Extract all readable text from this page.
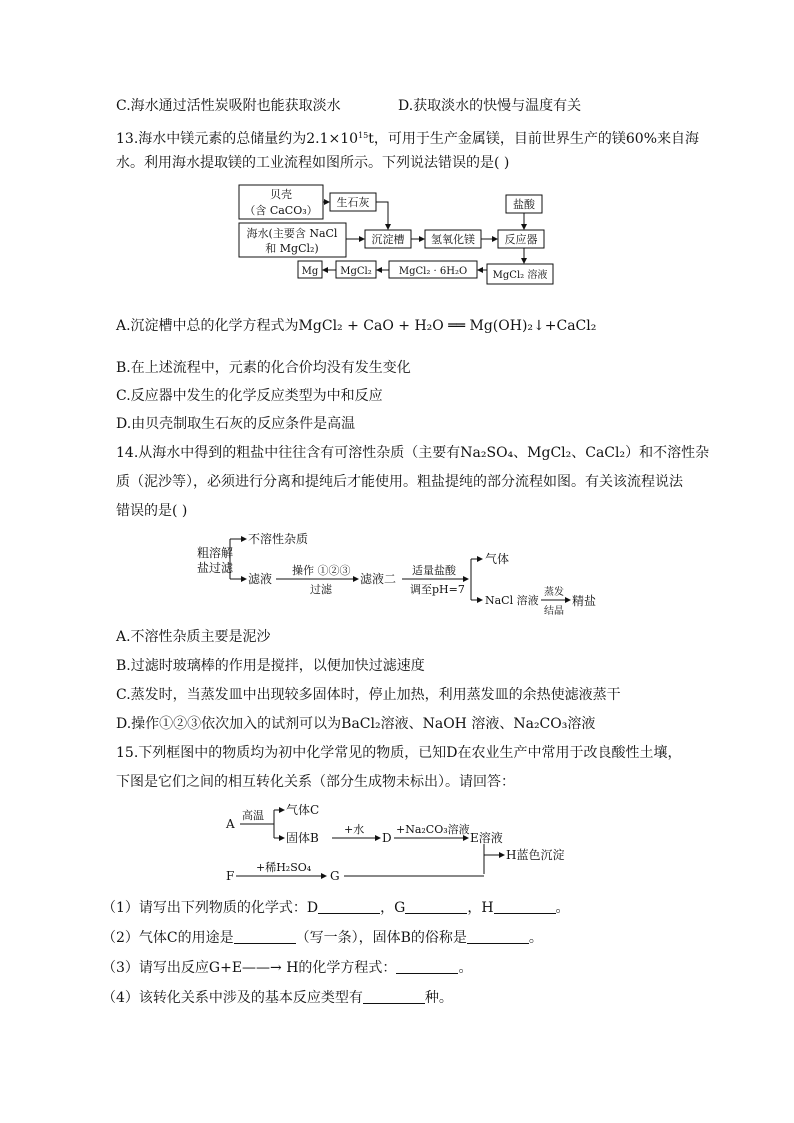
C.海水通过活性炭吸附也能获取淡水	D.获取淡水的快慢与温度有关
13.海水中镁元素的总储量约为$2.1\times 10^{15}t$，可用于生产金属镁，目前世界生产的镁60%来自海
水。利用海水提取镁的工业流程如图所示。下列说法错误的是( )
贝壳
（含 CaCO₃）
生石灰	盐酸
海水(主要含 NaCl
和 MgCl₂)
沉淀槽 氢氧化镁	反应器
Mg MgCl₂	MgCl₂ · 6H₂O	MgCl₂ 溶液
A.沉淀槽中总的化学方程式为MgCl₂ + CaO + H₂O ══ Mg(OH)₂↓+CaCl₂
B.在上述流程中，元素的化合价均没有发生变化
C.反应器中发生的化学反应类型为中和反应
D.由贝壳制取生石灰的反应条件是高温
14.从海水中得到的粗盐中往往含有可溶性杂质（主要有Na₂SO₄、MgCl₂、CaCl₂）和不溶性杂
质（泥沙等），必须进行分离和提纯后才能使用。粗盐提纯的部分流程如图。有关该流程说法
错误的是( )
粗溶解
盐过滤
不溶性杂质
滤液
操作 ①②③
过滤
滤液二
适量盐酸
调至pH=7
气体
NaCl 溶液
蒸发
结晶
精盐
A.不溶性杂质主要是泥沙
B.过滤时玻璃棒的作用是搅拌，以便加快过滤速度
C.蒸发时，当蒸发皿中出现较多固体时，停止加热，利用蒸发皿的余热使滤液蒸干
D.操作①②③依次加入的试剂可以为BaCl₂溶液、NaOH 溶液、Na₂CO₃溶液
15.下列框图中的物质均为初中化学常见的物质，已知D在农业生产中常用于改良酸性土壤，
下图是它们之间的相互转化关系（部分生成物未标出）。请回答：
A
高温 气体C
固体B
+水
D
+Na₂CO₃溶液
E溶液
H蓝色沉淀
F
+稀H₂SO₄
G
（1）请写出下列物质的化学式：D	，G	，H	。
（2）气体C的用途是	（写一条），固体B的俗称是	。
（3）请写出反应G+E——→ H的化学方程式：	。
（4）该转化关系中涉及的基本反应类型有	种。
